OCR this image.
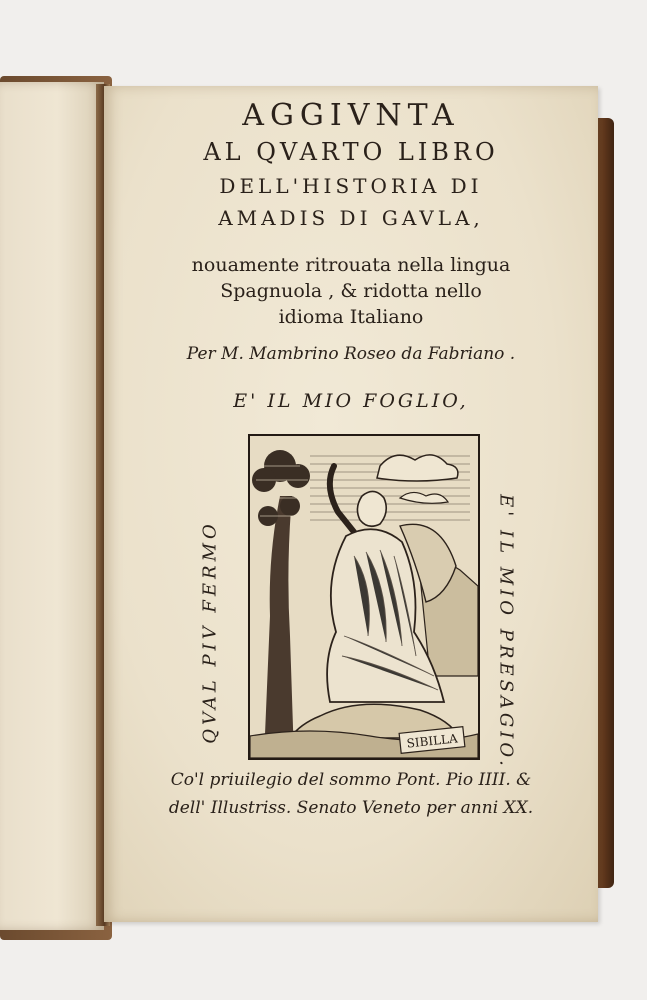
AGGIVNTA
AL QVARTO LIBRO
DELL'HISTORIA DI
AMADIS DI GAVLA,
nouamente ritrouata nella lingua
Spagnuola , & ridotta nello
idioma Italiano
Per M. Mambrino Roseo da Fabriano .
E' IL MIO FOGLIO,
QVAL PIV FERMO	E' IL MIO PRESAGIO.
SIBILLA
Co'l priuilegio del sommo Pont. Pio IIII. &
dell' Illustriss. Senato Veneto per anni XX.
